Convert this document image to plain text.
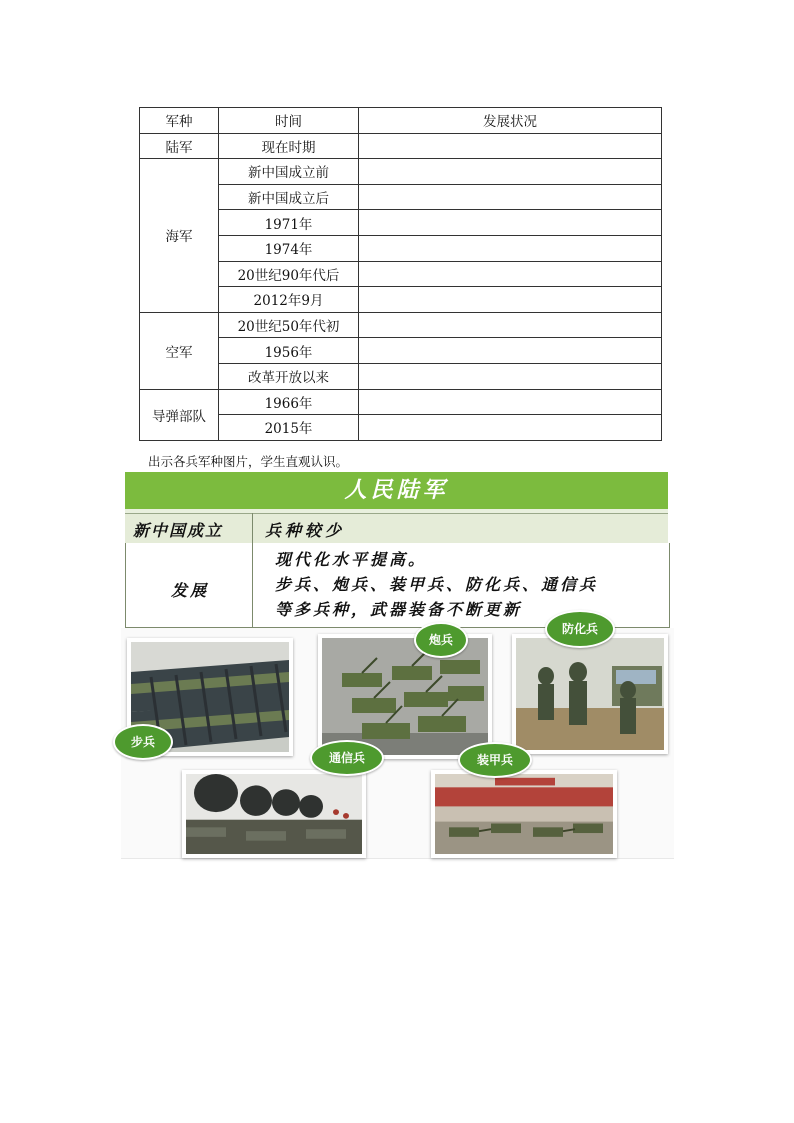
军种	时间	发展状况
陆军	现在时期	
海军	新中国成立前	
	新中国成立后	
	1971年	
	1974年	
	20世纪90年代后	
	2012年9月	
空军	20世纪50年代初	
	1956年	
	改革开放以来	
导弹部队	1966年	
	2015年	
出示各兵军种图片，学生直观认识。
人民陆军
新中国成立	兵种较少
发展
现代化水平提高。
步兵、炮兵、装甲兵、防化兵、通信兵
等多兵种，武器装备不断更新
步兵
炮兵
防化兵
通信兵	装甲兵
